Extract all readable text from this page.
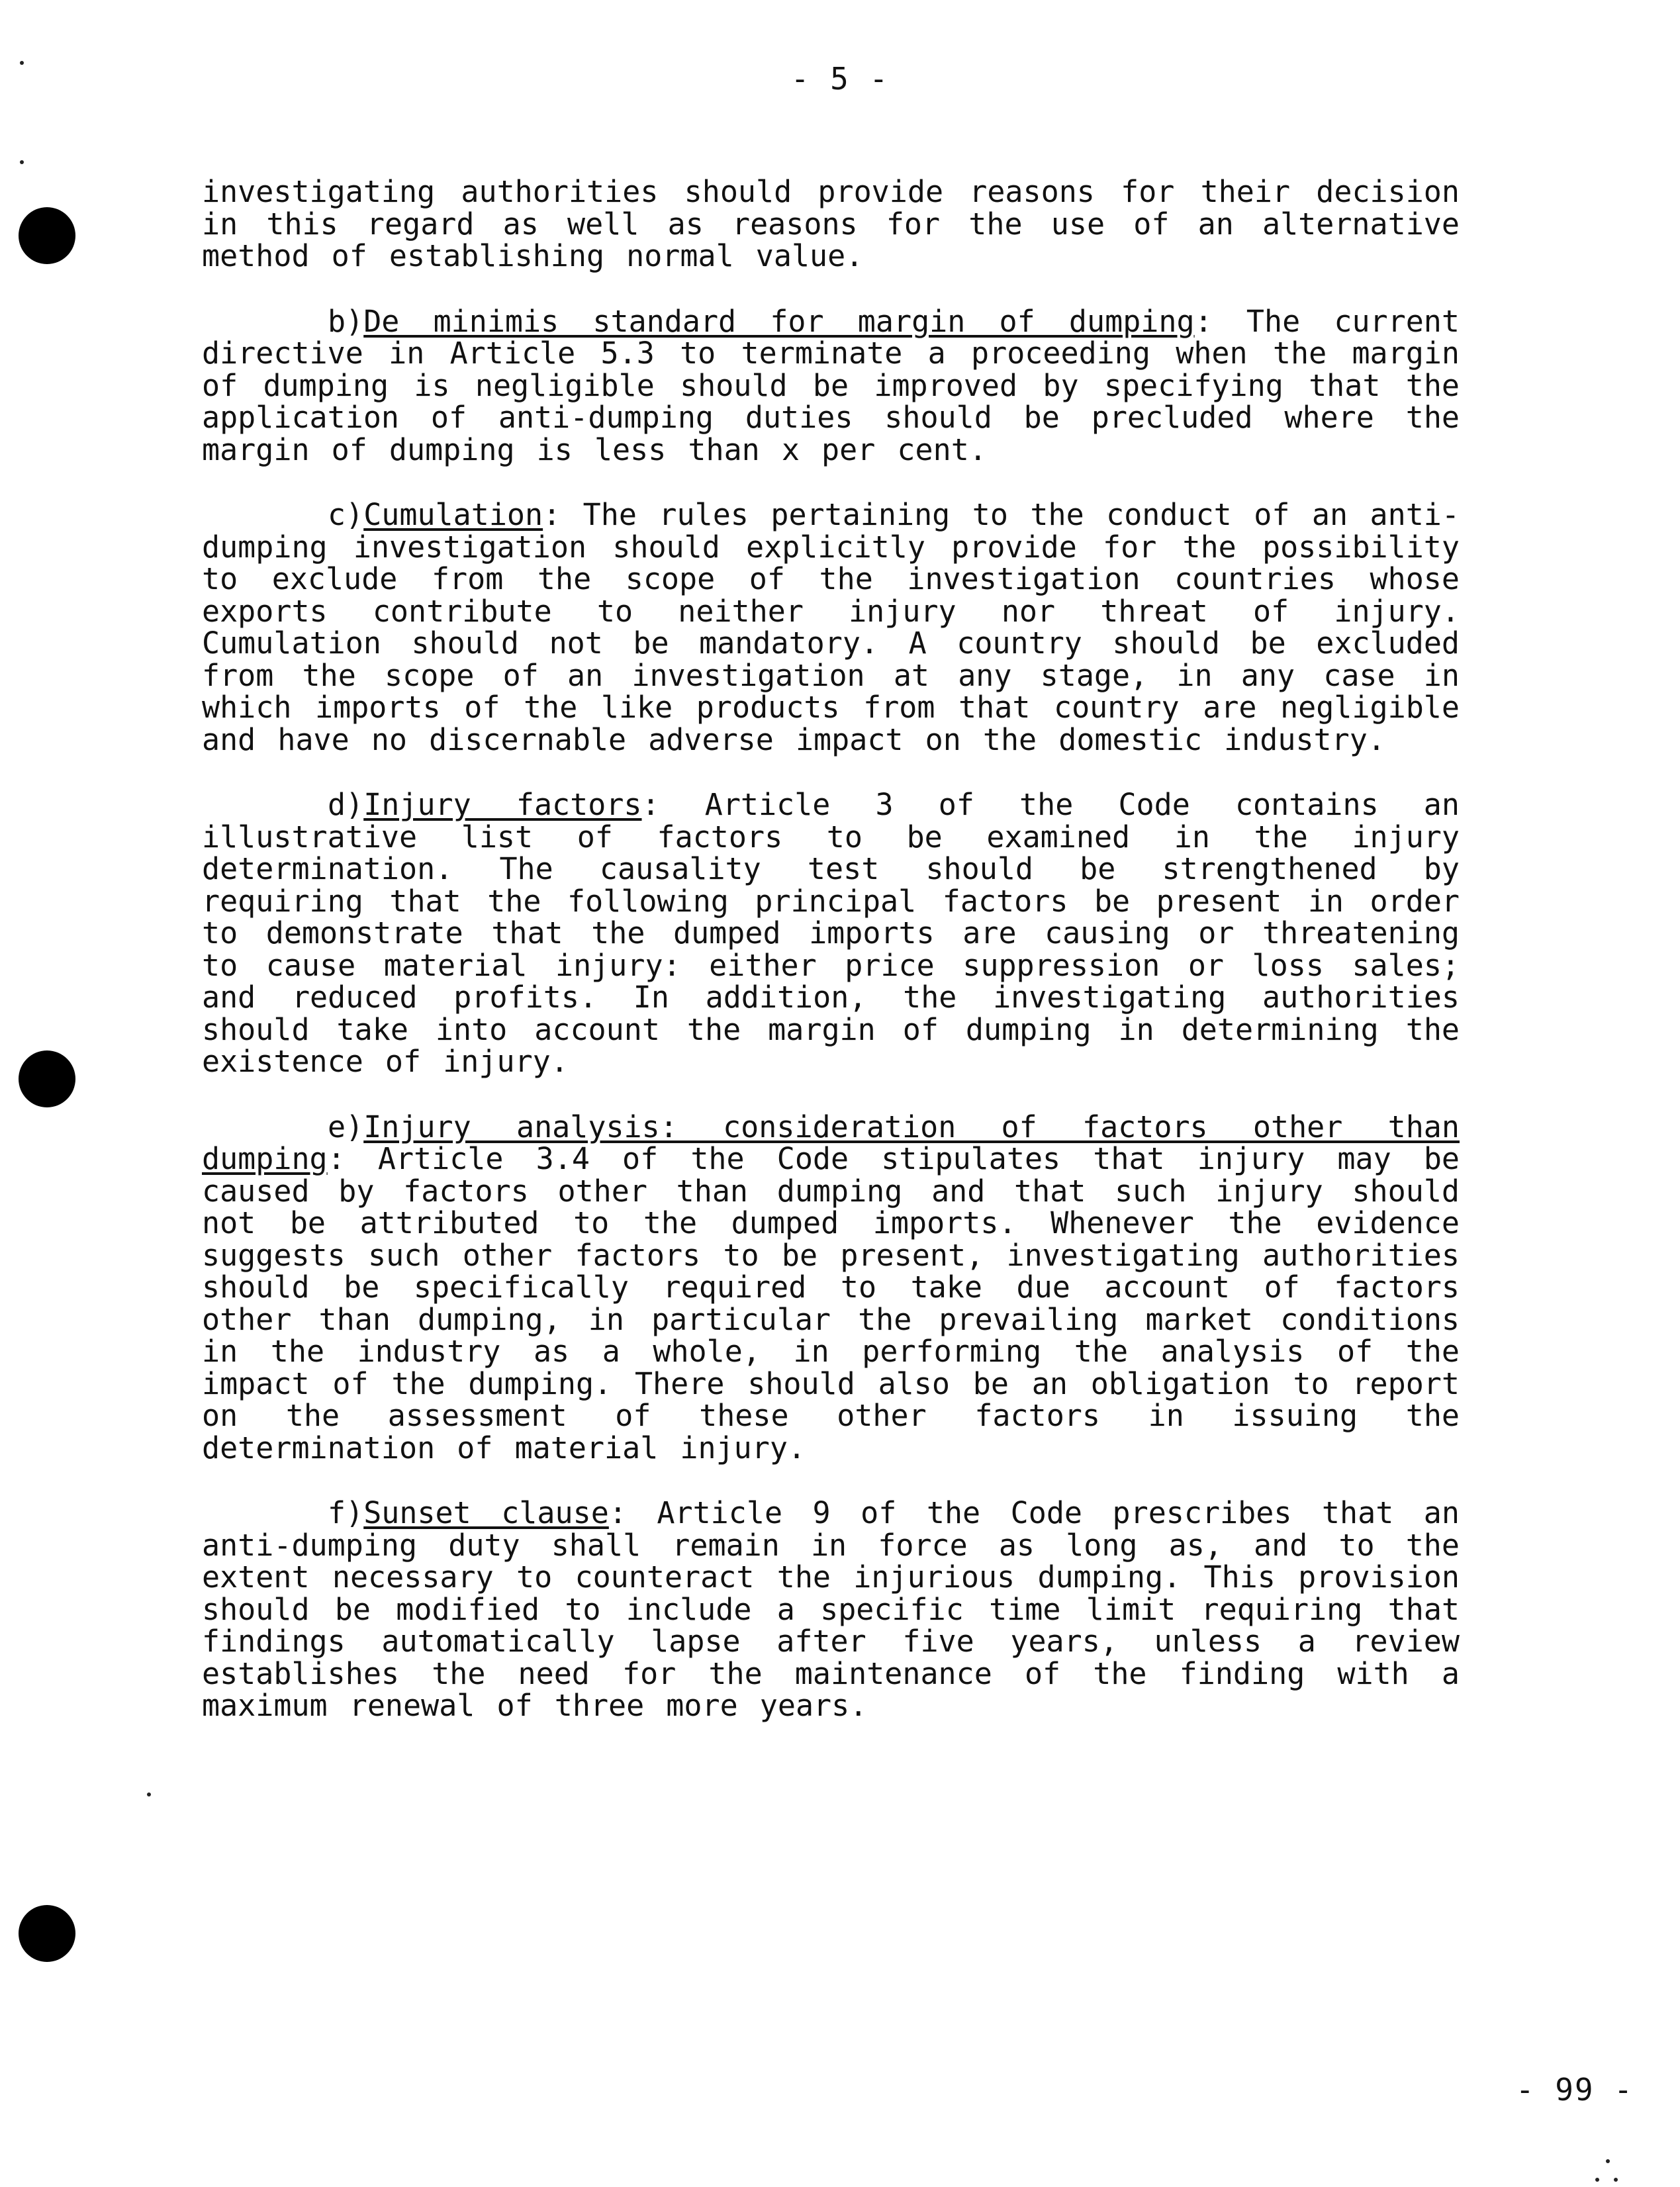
- 5 -

investigating authorities should provide reasons for their decision in this regard as well as reasons for the use of an alternative method of establishing normal value.

b)De minimis standard for margin of dumping: The current directive in Article 5.3 to terminate a proceeding when the margin of dumping is negligible should be improved by specifying that the application of anti-dumping duties should be precluded where the margin of dumping is less than x per cent.

c)Cumulation: The rules pertaining to the conduct of an anti-dumping investigation should explicitly provide for the possibility to exclude from the scope of the investigation countries whose exports contribute to neither injury nor threat of injury. Cumulation should not be mandatory. A country should be excluded from the scope of an investigation at any stage, in any case in which imports of the like products from that country are negligible and have no discernable adverse impact on the domestic industry.

d)Injury factors: Article 3 of the Code contains an illustrative list of factors to be examined in the injury determination. The causality test should be strengthened by requiring that the following principal factors be present in order to demonstrate that the dumped imports are causing or threatening to cause material injury: either price suppression or loss sales; and reduced profits. In addition, the investigating authorities should take into account the margin of dumping in determining the existence of injury.

e)Injury analysis: consideration of factors other than dumping: Article 3.4 of the Code stipulates that injury may be caused by factors other than dumping and that such injury should not be attributed to the dumped imports. Whenever the evidence suggests such other factors to be present, investigating authorities should be specifically required to take due account of factors other than dumping, in particular the prevailing market conditions in the industry as a whole, in performing the analysis of the impact of the dumping. There should also be an obligation to report on the assessment of these other factors in issuing the determination of material injury.

f)Sunset clause: Article 9 of the Code prescribes that an anti-dumping duty shall remain in force as long as, and to the extent necessary to counteract the injurious dumping. This provision should be modified to include a specific time limit requiring that findings automatically lapse after five years, unless a review establishes the need for the maintenance of the finding with a maximum renewal of three more years.

- 99 -
